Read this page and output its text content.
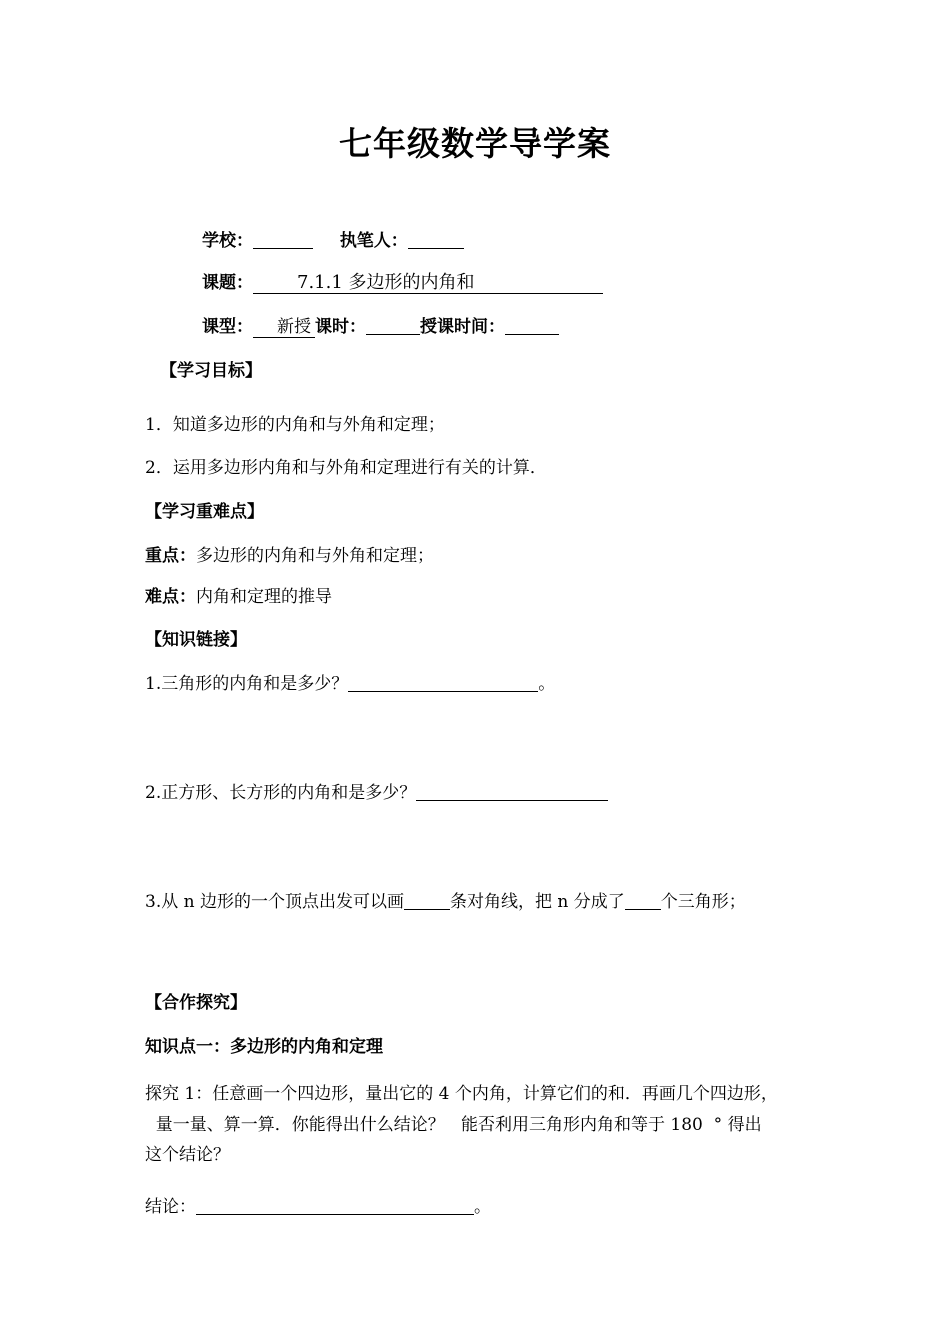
七年级数学导学案
学校：	执笔人：
课题： 7.1.1 多边形的内角和
课型： 新授 课时：	授课时间：
【学习目标】
1．知道多边形的内角和与外角和定理；
2．运用多边形内角和与外角和定理进行有关的计算．
【学习重难点】
重点：多边形的内角和与外角和定理；
难点：内角和定理的推导
【知识链接】
1.三角形的内角和是多少？	。
2.正方形、长方形的内角和是多少？
3.从 n 边形的一个顶点出发可以画	条对角线，把 n 分成了 个三角形；
【合作探究】
知识点一：多边形的内角和定理
探究 1：任意画一个四边形，量出它的 4 个内角，计算它们的和．再画几个四边形，
量一量、算一算．你能得出什么结论？   能否利用三角形内角和等于 180  ° 得出
这个结论？
结论：	。
